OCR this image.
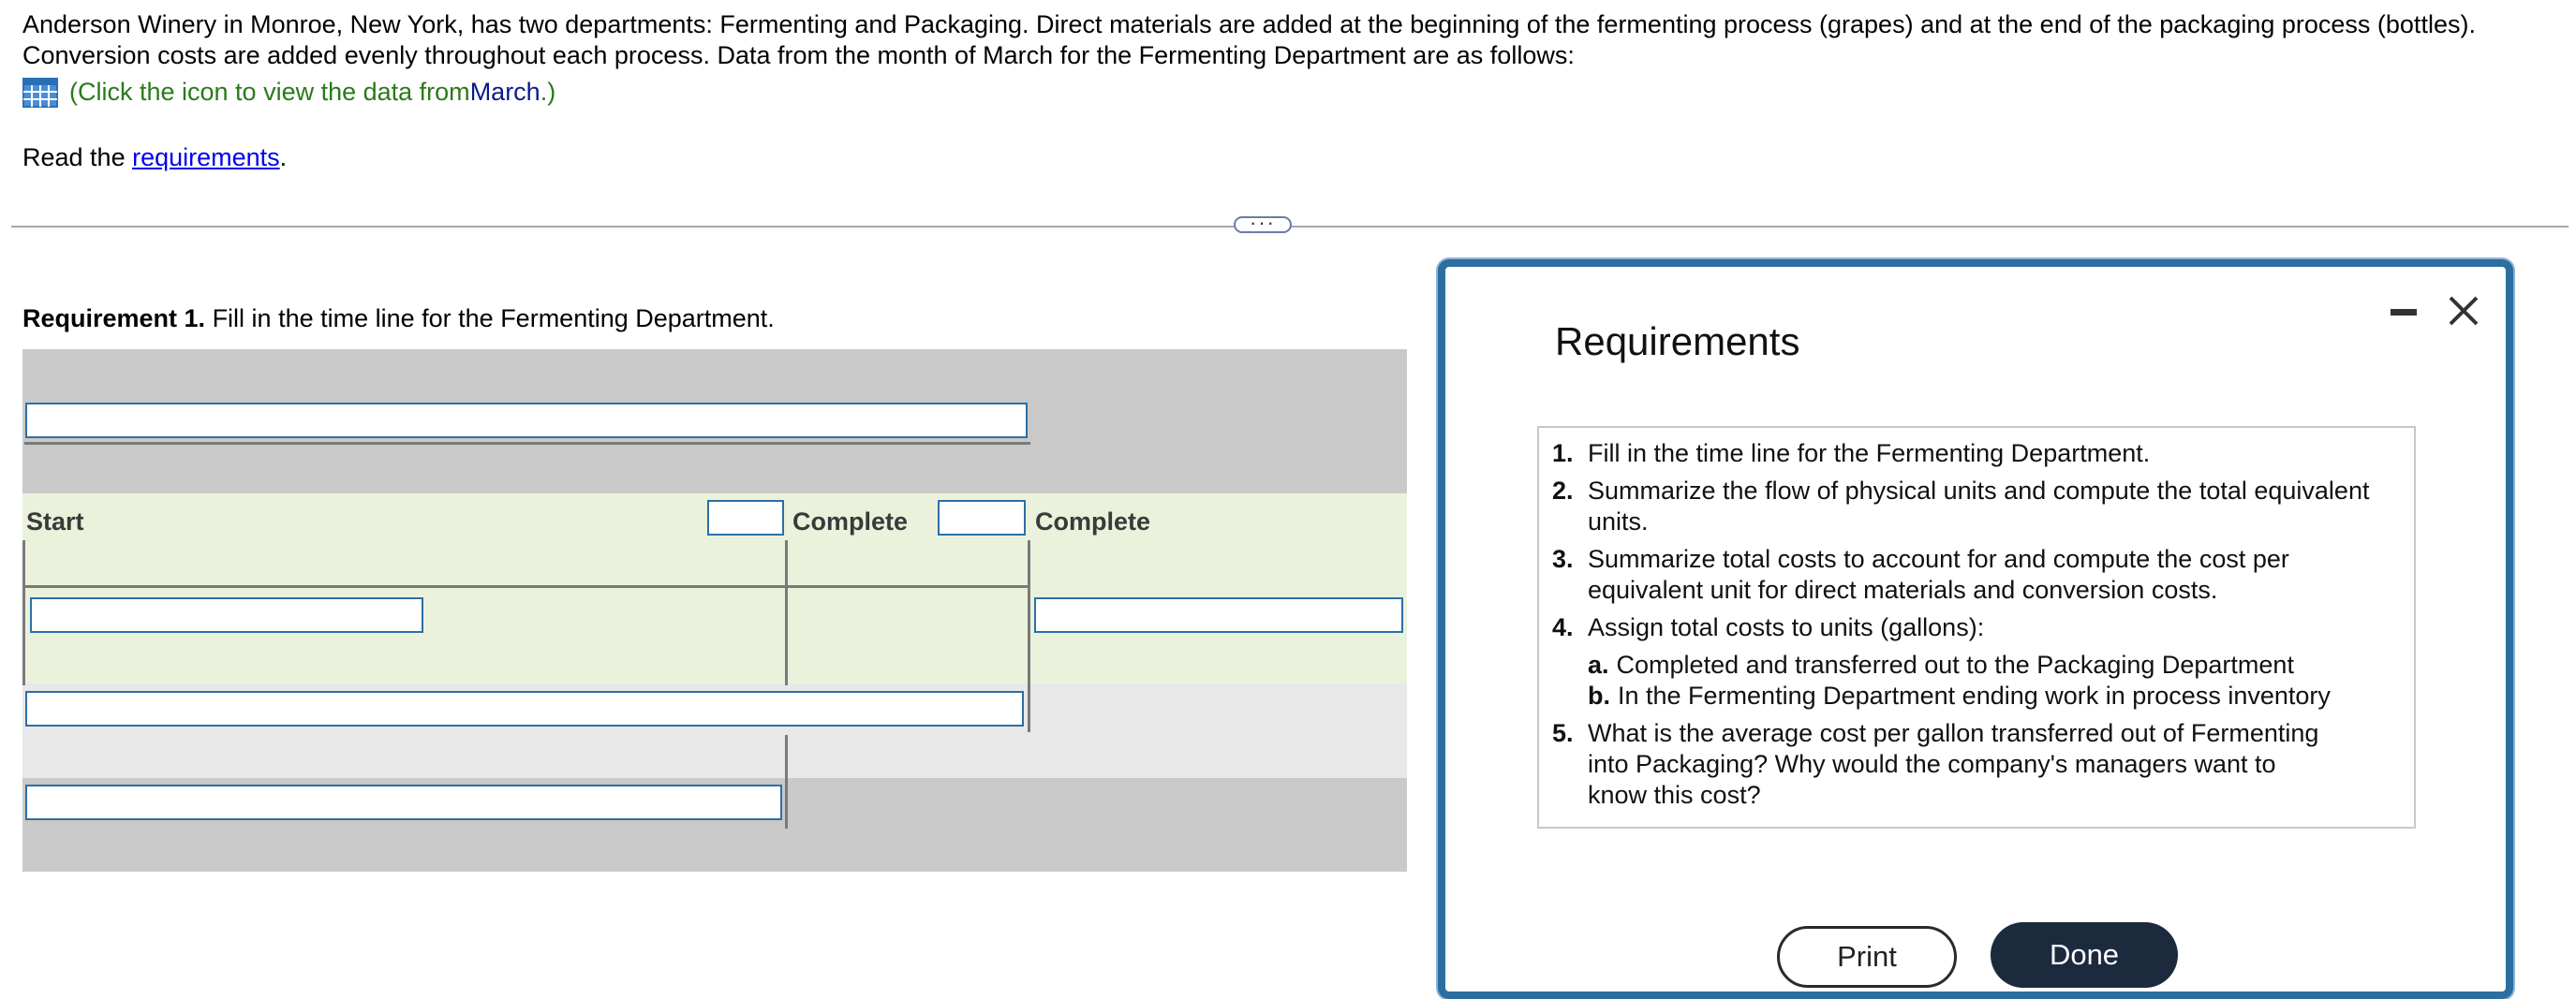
Anderson Winery in Monroe, New York, has two departments: Fermenting and Packaging. Direct materials are added at the beginning of the fermenting process (grapes) and at the end of the packaging process (bottles). Conversion costs are added evenly throughout each process. Data from the month of March for the Fermenting Department are as follows:

(Click the icon to view the data from March .)
Read the requirements.
···
Requirement 1. Fill in the time line for the Fermenting Department.
Start	Complete	Complete
Requirements
1. Fill in the time line for the Fermenting Department.
2. Summarize the flow of physical units and compute the total equivalent units.
3. Summarize total costs to account for and compute the cost per equivalent unit for direct materials and conversion costs.
4. Assign total costs to units (gallons):
a. Completed and transferred out to the Packaging Department
b. In the Fermenting Department ending work in process inventory
5. What is the average cost per gallon transferred out of Fermenting into Packaging? Why would the company's managers want to know this cost?
Print	Done
